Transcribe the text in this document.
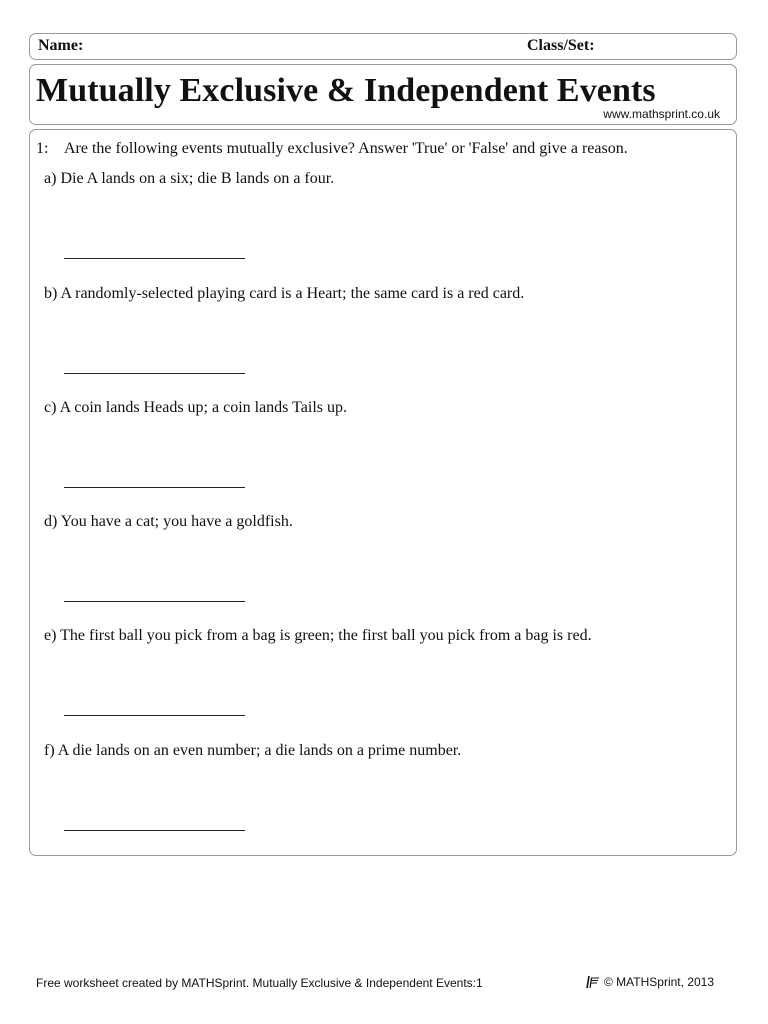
Name:	Class/Set:
Mutually Exclusive & Independent Events
www.mathsprint.co.uk
1: Are the following events mutually exclusive? Answer 'True' or 'False' and give a reason.
a) Die A lands on a six; die B lands on a four.
b) A randomly-selected playing card is a Heart; the same card is a red card.
c) A coin lands Heads up; a coin lands Tails up.
d) You have a cat; you have a goldfish.
e) The first ball you pick from a bag is green; the first ball you pick from a bag is red.
f) A die lands on an even number; a die lands on a prime number.
Free worksheet created by MATHSprint. Mutually Exclusive & Independent Events:1	© MATHSprint, 2013
